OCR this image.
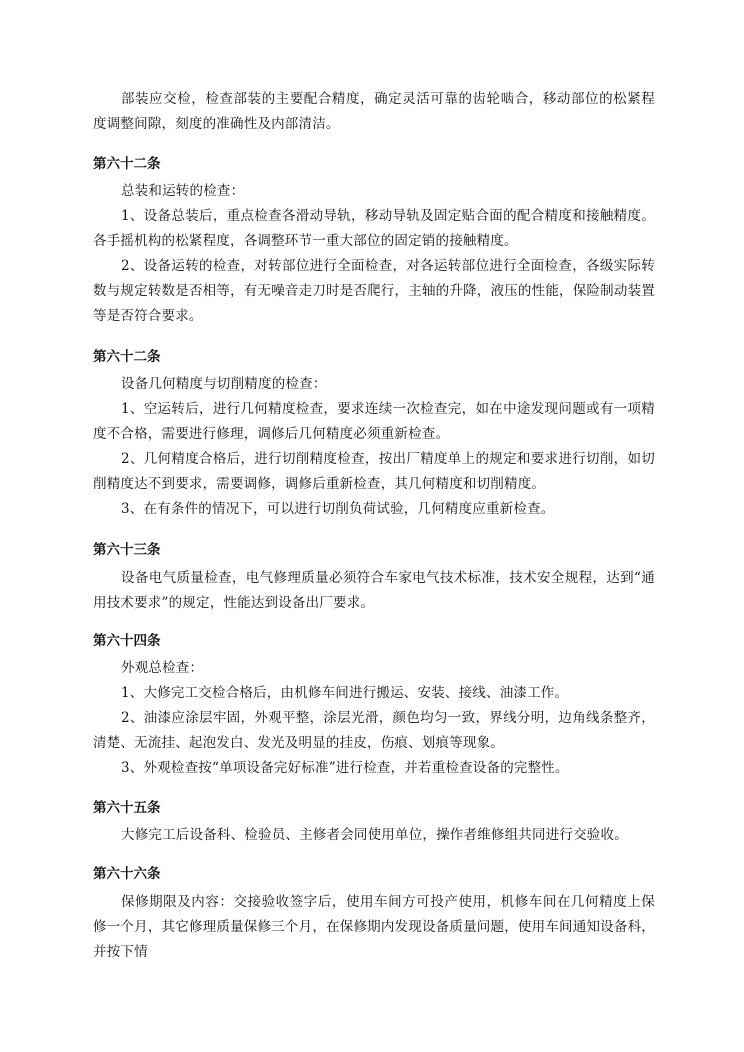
部装应交检，检查部装的主要配合精度，确定灵活可靠的齿轮啮合，移动部位的松紧程度调整间隙，刻度的准确性及内部清洁。

第六十二条

总装和运转的检查：

1、设备总装后，重点检查各滑动导轨，移动导轨及固定贴合面的配合精度和接触精度。各手摇机构的松紧程度，各调整环节一重大部位的固定销的接触精度。

2、设备运转的检查，对转部位进行全面检查，对各运转部位进行全面检查，各级实际转数与规定转数是否相等，有无噪音走刀时是否爬行，主轴的升降，液压的性能，保险制动装置等是否符合要求。

第六十二条

设备几何精度与切削精度的检查：

1、空运转后，进行几何精度检查，要求连续一次检查完，如在中途发现问题或有一项精度不合格，需要进行修理，调修后几何精度必须重新检查。

2、几何精度合格后，进行切削精度检查，按出厂精度单上的规定和要求进行切削，如切削精度达不到要求，需要调修，调修后重新检查，其几何精度和切削精度。

3、在有条件的情况下，可以进行切削负荷试验，几何精度应重新检查。

第六十三条

设备电气质量检查，电气修理质量必须符合车家电气技术标准，技术安全规程，达到“通用技术要求”的规定，性能达到设备出厂要求。

第六十四条

外观总检查：

1、大修完工交检合格后，由机修车间进行搬运、安装、接线、油漆工作。

2、油漆应涂层牢固，外观平整，涂层光滑，颜色均匀一致，界线分明，边角线条整齐，清楚、无流挂、起泡发白、发光及明显的挂皮，伤痕、划痕等现象。

3、外观检查按“单项设备完好标准”进行检查，并若重检查设备的完整性。

第六十五条

大修完工后设备科、检验员、主修者会同使用单位，操作者维修组共同进行交验收。

第六十六条

保修期限及内容：交接验收签字后，使用车间方可投产使用，机修车间在几何精度上保修一个月，其它修理质量保修三个月，在保修期内发现设备质量问题，使用车间通知设备科，并按下情
